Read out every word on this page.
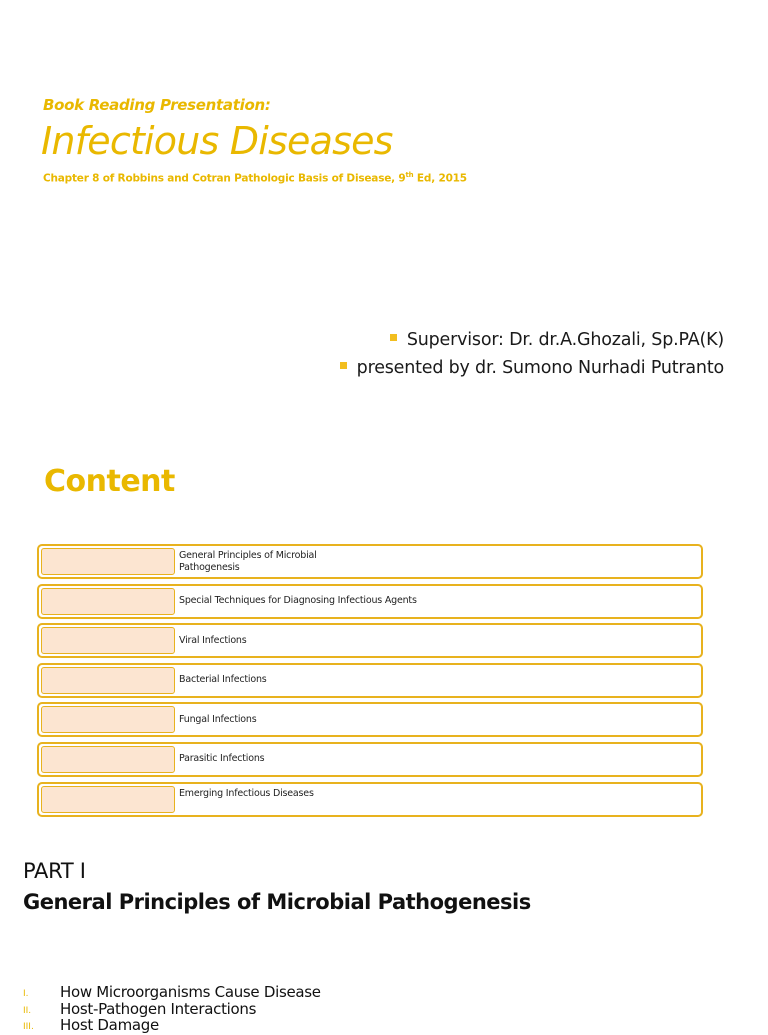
Book Reading Presentation:
Infectious Diseases
Chapter 8 of Robbins and Cotran Pathologic Basis of Disease, 9th Ed, 2015
Supervisor: Dr. dr.A.Ghozali, Sp.PA(K)
presented by dr. Sumono Nurhadi Putranto
Content
General Principles of Microbial Pathogenesis
Special Techniques for Diagnosing Infectious Agents
Viral Infections
Bacterial Infections
Fungal Infections
Parasitic Infections
Emerging Infectious Diseases
PART I
General Principles of Microbial Pathogenesis
I. How Microorganisms Cause Disease
II. Host-Pathogen Interactions
III. Host Damage
